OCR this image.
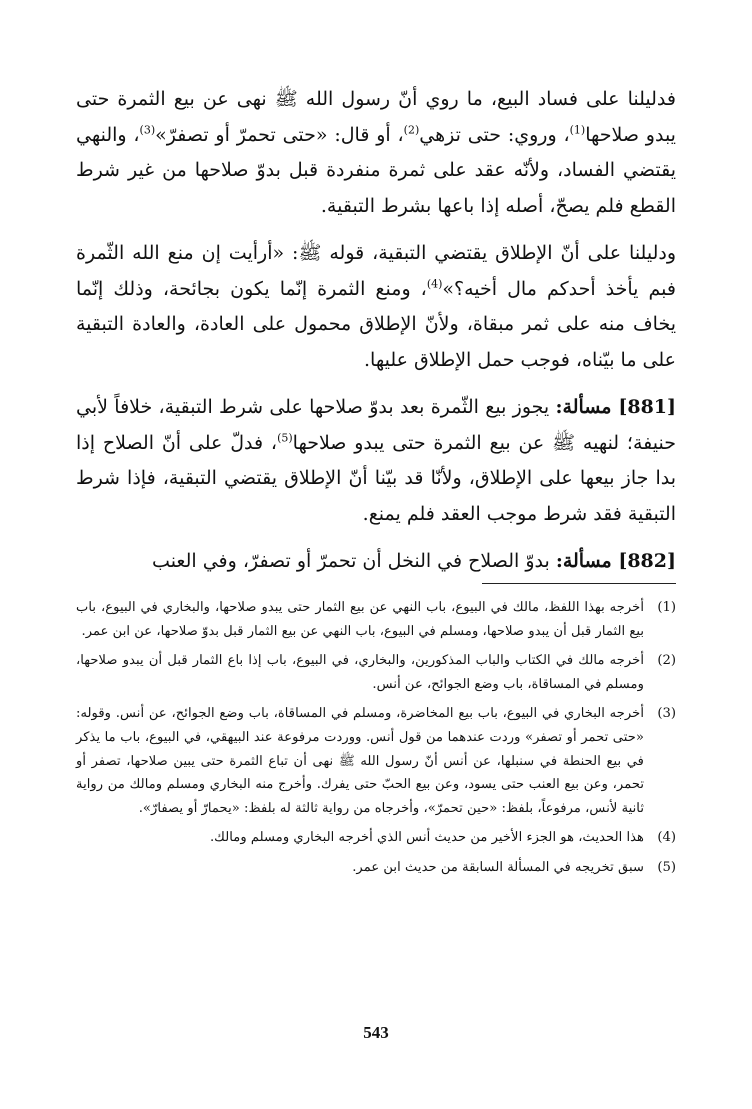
فدليلنا على فساد البيع، ما روي أنّ رسول الله ﷺ نهى عن بيع الثمرة حتى يبدو صلاحها$^{(1)}$، وروي: حتى تزهي$^{(2)}$، أو قال: «حتى تحمرّ أو تصفرّ»$^{(3)}$، والنهي يقتضي الفساد، ولأنّه عقد على ثمرة منفردة قبل بدوّ صلاحها من غير شرط القطع فلم يصحّ، أصله إذا باعها بشرط التبقية.

ودليلنا على أنّ الإطلاق يقتضي التبقية، قوله ﷺ: «أرأيت إن منع الله الثّمرة فبم يأخذ أحدكم مال أخيه؟»$^{(4)}$، ومنع الثمرة إنّما يكون بجائحة، وذلك إنّما يخاف منه على ثمر مبقاة، ولأنّ الإطلاق محمول على العادة، والعادة التبقية على ما بيّناه، فوجب حمل الإطلاق عليها.

[881] مسألة: يجوز بيع الثّمرة بعد بدوّ صلاحها على شرط التبقية، خلافاً لأبي حنيفة؛ لنهيه ﷺ عن بيع الثمرة حتى يبدو صلاحها$^{(5)}$، فدلّ على أنّ الصلاح إذا بدا جاز بيعها على الإطلاق، ولأنّا قد بيّنا أنّ الإطلاق يقتضي التبقية، فإذا شرط التبقية فقد شرط موجب العقد فلم يمنع.

[882] مسألة: بدوّ الصلاح في النخل أن تحمرّ أو تصفرّ، وفي العنب

(1)
أخرجه بهذا اللفظ، مالك في البيوع، باب النهي عن بيع الثمار حتى يبدو صلاحها، والبخاري في البيوع، باب بيع الثمار قبل أن يبدو صلاحها، ومسلم في البيوع، باب النهي عن بيع الثمار قبل بدوّ صلاحها، عن ابن عمر.
(2)
أخرجه مالك في الكتاب والباب المذكورين، والبخاري، في البيوع، باب إذا باع الثمار قبل أن يبدو صلاحها، ومسلم في المساقاة، باب وضع الجوائح، عن أنس.
(3)
أخرجه البخاري في البيوع، باب بيع المخاضرة، ومسلم في المساقاة، باب وضع الجوائح، عن أنس. وقوله: «حتى تحمر أو تصفر» وردت عندهما من قول أنس. ووردت مرفوعة عند البيهقي، في البيوع، باب ما يذكر في بيع الحنطة في سنبلها، عن أنس أنّ رسول الله ﷺ نهى أن تباع الثمرة حتى يبين صلاحها، تصفر أو تحمر، وعن بيع العنب حتى يسود، وعن بيع الحبّ حتى يفرك. وأخرج منه البخاري ومسلم ومالك من رواية ثانية لأنس، مرفوعاً، بلفظ: «حين تحمرّ»، وأخرجاه من رواية ثالثة له بلفظ: «يحمارّ أو يصفارّ».
(4)
هذا الحديث، هو الجزء الأخير من حديث أنس الذي أخرجه البخاري ومسلم ومالك.
(5)
سبق تخريجه في المسألة السابقة من حديث ابن عمر.
543
